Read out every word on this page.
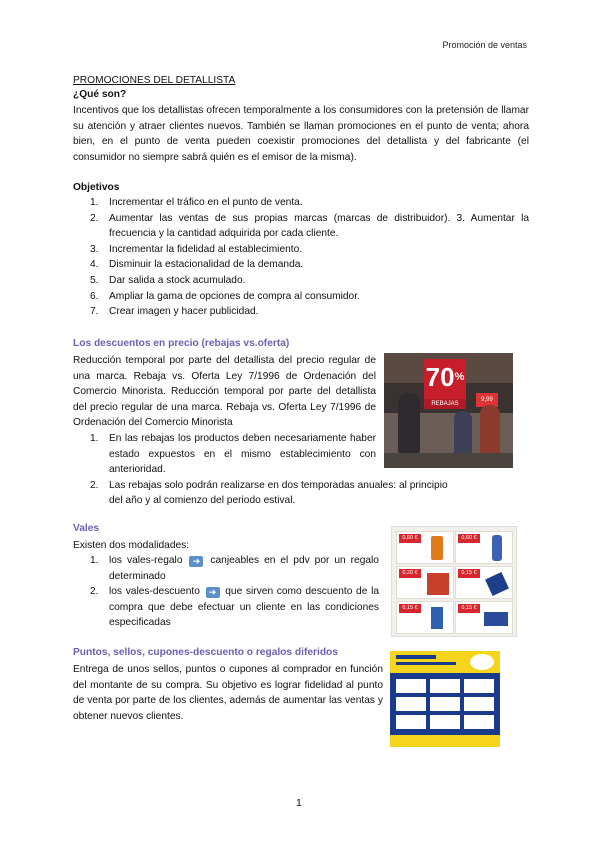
Promoción de ventas
PROMOCIONES DEL DETALLISTA
¿Qué son?
Incentivos que los detallistas ofrecen temporalmente a los consumidores con la pretensión de llamar su atención y atraer clientes nuevos. También se llaman promociones en el punto de venta; ahora bien, en el punto de venta pueden coexistir promociones del detallista y del fabricante (el consumidor no siempre sabrá quién es el emisor de la misma).
Objetivos
1. Incrementar el tráfico en el punto de venta.
2. Aumentar las ventas de sus propias marcas (marcas de distribuidor). 3. Aumentar la frecuencia y la cantidad adquirida por cada cliente.
3. Incrementar la fidelidad al establecimiento.
4. Disminuir la estacionalidad de la demanda.
5. Dar salida a stock acumulado.
6. Ampliar la gama de opciones de compra al consumidor.
7. Crear imagen y hacer publicidad.
Los descuentos en precio (rebajas vs.oferta)
Reducción temporal por parte del detallista del precio regular de una marca. Rebaja vs. Oferta Ley 7/1996 de Ordenación del Comercio Minorista. Reducción temporal por parte del detallista del precio regular de una marca. Rebaja vs. Oferta Ley 7/1996 de Ordenación del Comercio Minorista
1. En las rebajas los productos deben necesariamente haber estado expuestos en el mismo establecimiento con anterioridad.
2. Las rebajas solo podrán realizarse en dos temporadas anuales: al principio del año y al comienzo del periodo estival.
70%
REBAJAS
9,99
Vales
Existen dos modalidades:
1. los vales-regalo ➜ canjeables en el pdv por un regalo determinado
2. los vales-descuento ➜ que sirven como descuento de la compra que debe efectuar un cliente en las condiciones especificadas
0,60 €	0,60 €
0,20 €	0,15 €
0,15 €	0,15 €
Puntos, sellos, cupones-descuento o regalos diferidos
Entrega de unos sellos, puntos o cupones al comprador en función del montante de su compra. Su objetivo es lograr fidelidad al punto de venta por parte de los clientes, además de aumentar las ventas y obtener nuevos clientes.
1
